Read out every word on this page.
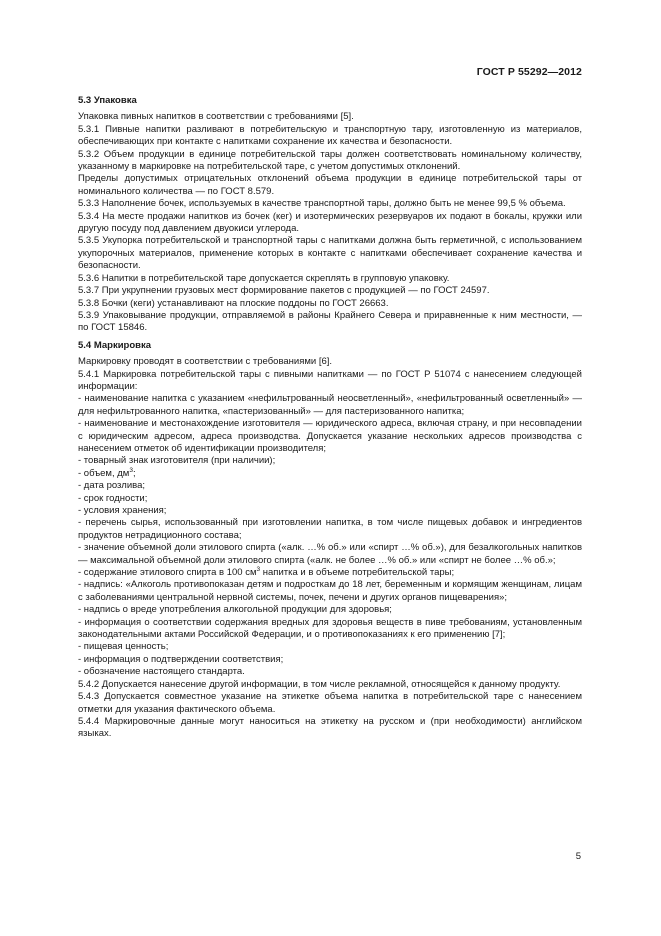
ГОСТ Р 55292—2012
5.3 Упаковка

Упаковка пивных напитков в соответствии с требованиями [5].

5.3.1 Пивные напитки разливают в потребительскую и транспортную тару, изготовленную из материалов, обеспечивающих при контакте с напитками сохранение их качества и безопасности.

5.3.2 Объем продукции в единице потребительской тары должен соответствовать номинальному количеству, указанному в маркировке на потребительской таре, с учетом допустимых отклонений.

Пределы допустимых отрицательных отклонений объема продукции в единице потребительской тары от номинального количества — по ГОСТ 8.579.

5.3.3 Наполнение бочек, используемых в качестве транспортной тары, должно быть не менее 99,5 % объема.

5.3.4 На месте продажи напитков из бочек (кег) и изотермических резервуаров их подают в бокалы, кружки или другую посуду под давлением двуокиси углерода.

5.3.5 Укупорка потребительской и транспортной тары с напитками должна быть герметичной, с использованием укупорочных материалов, применение которых в контакте с напитками обеспечивает сохранение качества и безопасности.

5.3.6 Напитки в потребительской таре допускается скреплять в групповую упаковку.

5.3.7 При укрупнении грузовых мест формирование пакетов с продукцией — по ГОСТ 24597.

5.3.8 Бочки (кеги) устанавливают на плоские поддоны по ГОСТ 26663.

5.3.9 Упаковывание продукции, отправляемой в районы Крайнего Севера и приравненные к ним местности, — по ГОСТ 15846.

5.4 Маркировка

Маркировку проводят в соответствии с требованиями [6].

5.4.1 Маркировка потребительской тары с пивными напитками — по ГОСТ Р 51074 с нанесением следующей информации:

- наименование напитка с указанием «нефильтрованный неосветленный», «нефильтрованный осветленный» — для нефильтрованного напитка, «пастеризованный» — для пастеризованного напитка;

- наименование и местонахождение изготовителя — юридического адреса, включая страну, и при несовпадении с юридическим адресом, адреса производства. Допускается указание нескольких адресов производства с нанесением отметок об идентификации производителя;

- товарный знак изготовителя (при наличии);

- объем, $дм^3$;

- дата розлива;

- срок годности;

- условия хранения;

- перечень сырья, использованный при изготовлении напитка, в том числе пищевых добавок и ингредиентов продуктов нетрадиционного состава;

- значение объемной доли этилового спирта («алк. …% об.» или «спирт …% об.»), для безалкогольных напитков — максимальной объемной доли этилового спирта («алк. не более …% об.» или «спирт не более …% об.»;

- содержание этилового спирта в 100 $см^3$ напитка и в объеме потребительской тары;

- надпись: «Алкоголь противопоказан детям и подросткам до 18 лет, беременным и кормящим женщинам, лицам с заболеваниями центральной нервной системы, почек, печени и других органов пищеварения»;

- надпись о вреде употребления алкогольной продукции для здоровья;

- информация о соответствии содержания вредных для здоровья веществ в пиве требованиям, установленным законодательными актами Российской Федерации, и о противопоказаниях к его применению [7];

- пищевая ценность;

- информация о подтверждении соответствия;

- обозначение настоящего стандарта.

5.4.2 Допускается нанесение другой информации, в том числе рекламной, относящейся к данному продукту.

5.4.3 Допускается совместное указание на этикетке объема напитка в потребительской таре с нанесением отметки для указания фактического объема.

5.4.4 Маркировочные данные могут наноситься на этикетку на русском и (при необходимости) английском языках.

5
